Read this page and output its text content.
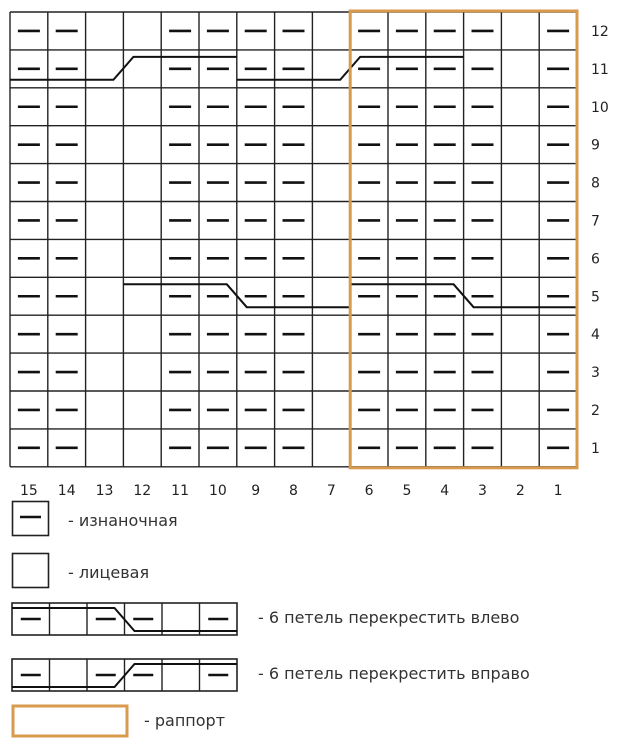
12
11
10
9
8
7
6
5
4
3
2
1
15 14 13 12 11 10 9 8 7 6 5 4 3 2 1
- изнаночная
- лицевая
- 6 петель перекрестить влево
- 6 петель перекрестить вправо
- раппорт
